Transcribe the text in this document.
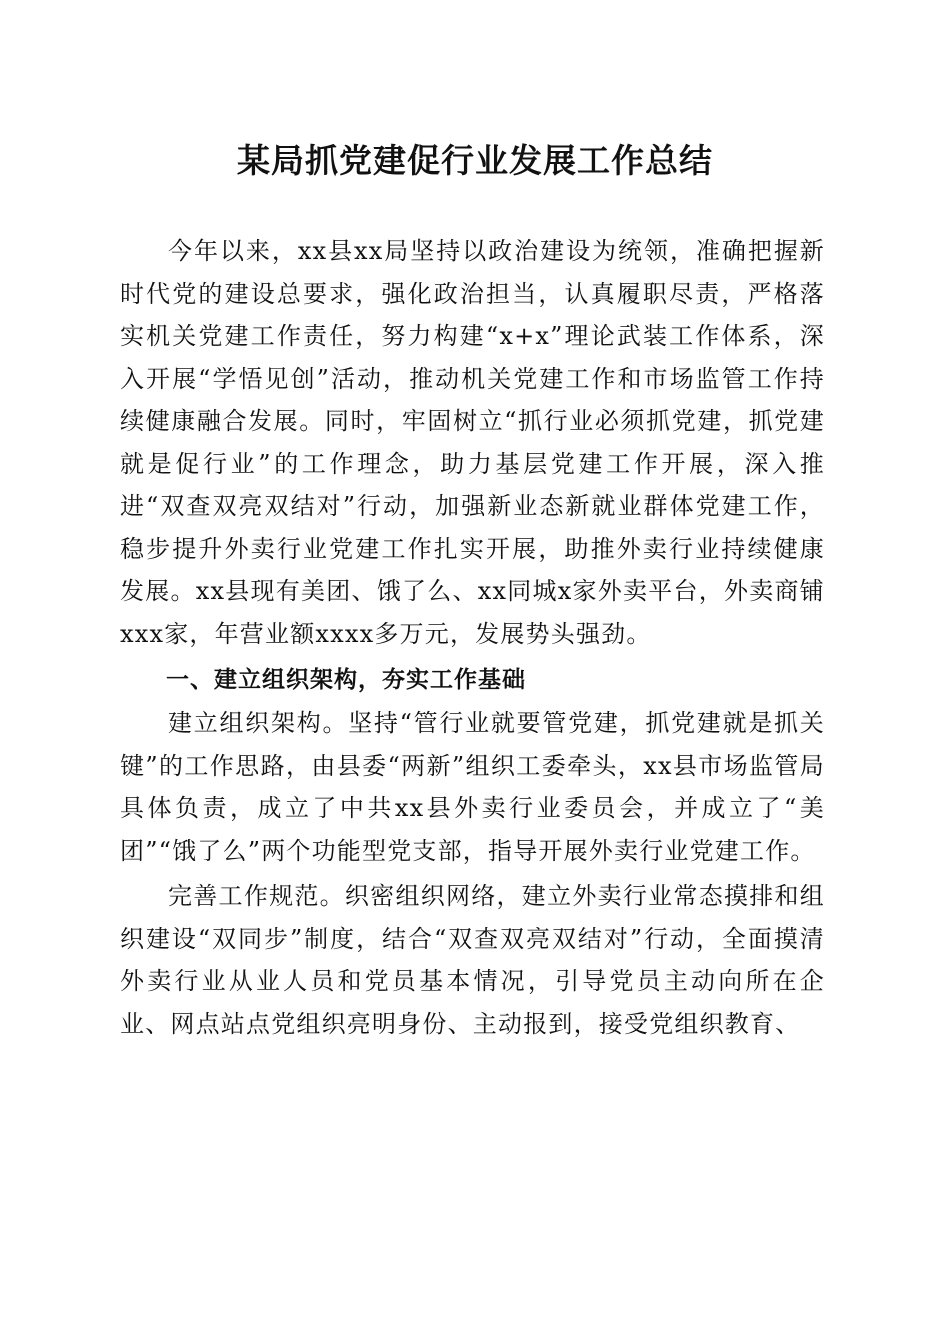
某局抓党建促行业发展工作总结

今年以来，xx县xx局坚持以政治建设为统领，准确把握新时代党的建设总要求，强化政治担当，认真履职尽责，严格落实机关党建工作责任，努力构建“x+x”理论武装工作体系，深入开展“学悟见创”活动，推动机关党建工作和市场监管工作持续健康融合发展。同时，牢固树立“抓行业必须抓党建，抓党建就是促行业”的工作理念，助力基层党建工作开展，深入推进“双查双亮双结对”行动，加强新业态新就业群体党建工作，稳步提升外卖行业党建工作扎实开展，助推外卖行业持续健康发展。xx县现有美团、饿了么、xx同城x家外卖平台，外卖商铺xxx家，年营业额xxxx多万元，发展势头强劲。

一、建立组织架构，夯实工作基础

建立组织架构。坚持“管行业就要管党建，抓党建就是抓关键”的工作思路，由县委“两新”组织工委牵头，xx县市场监管局具体负责，成立了中共xx县外卖行业委员会，并成立了“美团”“饿了么”两个功能型党支部，指导开展外卖行业党建工作。

完善工作规范。织密组织网络，建立外卖行业常态摸排和组织建设“双同步”制度，结合“双查双亮双结对”行动，全面摸清外卖行业从业人员和党员基本情况，引导党员主动向所在企业、网点站点党组织亮明身份、主动报到，接受党组织教育、
